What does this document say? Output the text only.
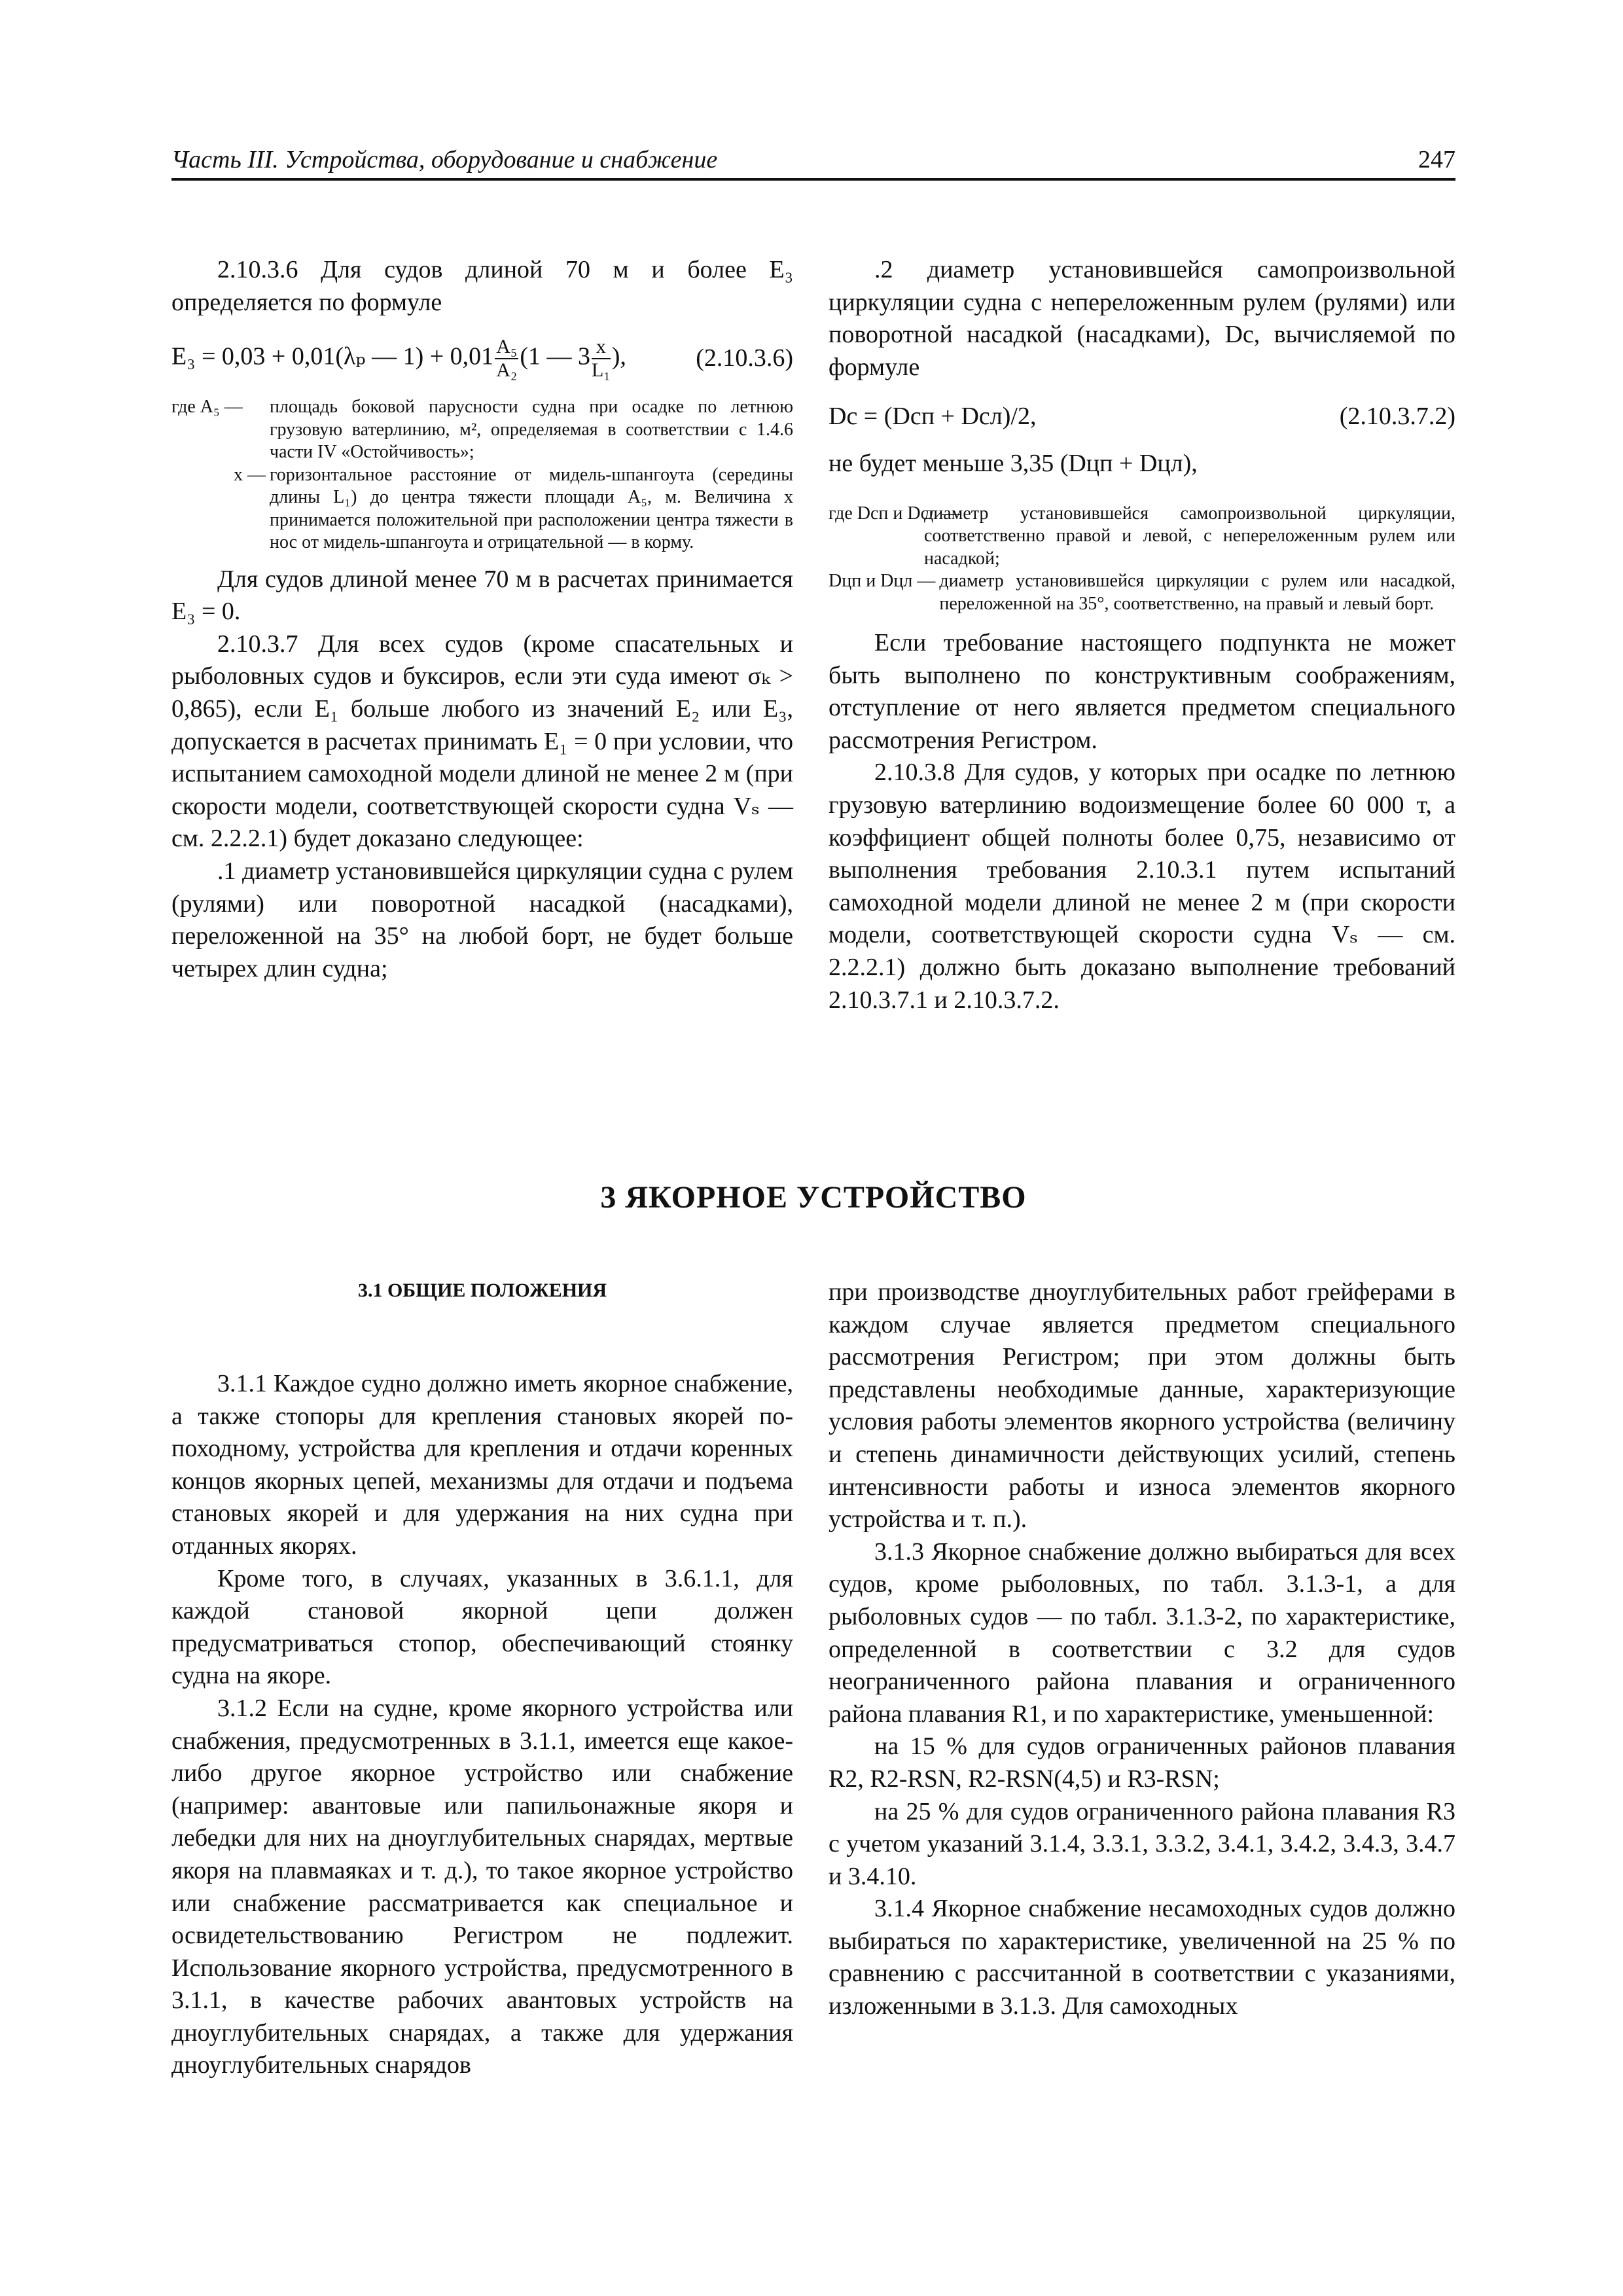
Часть III. Устройства, оборудование и снабжение	247

2.10.3.6 Для судов длиной 70 м и более E₃ определяется по формуле

E₃ = 0,03 + 0,01(λₚ — $1) + 0,01 \frac{\text{A₅}}{\text{A₂}} (1$ — $3 \frac{x}{\text{L₁}}$ ),	(2.10.3.6)
где A₅ —	площадь боковой парусности судна при осадке по летнюю грузовую ватерлинию, м², определяемая в соответствии с 1.4.6 части IV «Остойчивость»;
x — горизонтальное расстояние от мидель-шпангоута (середины длины L₁) до центра тяжести площади A₅, м. Величина x принимается положительной при расположении центра тяжести в нос от мидель-шпангоута и отрицательной — в корму.

Для судов длиной менее 70 м в расчетах принимается E₃ = 0.

2.10.3.7 Для всех судов (кроме спасательных и рыболовных судов и буксиров, если эти суда имеют σₖ > 0,865), если E₁ больше любого из значений E₂ или E₃, допускается в расчетах принимать E₁ = 0 при условии, что испытанием самоходной модели длиной не менее 2 м (при скорости модели, соответствующей скорости судна Vₛ — см. 2.2.2.1) будет доказано следующее:

.1 диаметр установившейся циркуляции судна с рулем (рулями) или поворотной насадкой (насадками), переложенной на 35° на любой борт, не будет больше четырех длин судна;

.2 диаметр установившейся самопроизвольной циркуляции судна с непереложенным рулем (рулями) или поворотной насадкой (насадками), Dc, вычисляемой по формуле

Dc = (Dсп + Dсл)/2,	(2.10.3.7.2)

не будет меньше 3,35 (Dцп + Dцл),

где Dсп и Dсл —
диаметр установившейся самопроизвольной циркуляции, соответственно правой и левой, с непереложенным рулем или насадкой;
Dцп и Dцл — диаметр установившейся циркуляции с рулем или насадкой, переложенной на 35°, соответственно, на правый и левый борт.

Если требование настоящего подпункта не может быть выполнено по конструктивным соображениям, отступление от него является предметом специального рассмотрения Регистром.

2.10.3.8 Для судов, у которых при осадке по летнюю грузовую ватерлинию водоизмещение более 60 000 т, а коэффициент общей полноты более 0,75, независимо от выполнения требования 2.10.3.1 путем испытаний самоходной модели длиной не менее 2 м (при скорости модели, соответствующей скорости судна Vₛ — см. 2.2.2.1) должно быть доказано выполнение требований 2.10.3.7.1 и 2.10.3.7.2.

3 ЯКОРНОЕ УСТРОЙСТВО
3.1 ОБЩИЕ ПОЛОЖЕНИЯ

3.1.1 Каждое судно должно иметь якорное снабжение, а также стопоры для крепления становых якорей по-походному, устройства для крепления и отдачи коренных концов якорных цепей, механизмы для отдачи и подъема становых якорей и для удержания на них судна при отданных якорях.

Кроме того, в случаях, указанных в 3.6.1.1, для каждой становой якорной цепи должен предусматриваться стопор, обеспечивающий стоянку судна на якоре.

3.1.2 Если на судне, кроме якорного устройства или снабжения, предусмотренных в 3.1.1, имеется еще какое-либо другое якорное устройство или снабжение (например: авантовые или папильонажные якоря и лебедки для них на дноуглубительных снарядах, мертвые якоря на плавмаяках и т. д.), то такое якорное устройство или снабжение рассматривается как специальное и освидетельствованию Регистром не подлежит. Использование якорного устройства, предусмотренного в 3.1.1, в качестве рабочих авантовых устройств на дноуглубительных снарядах, а также для удержания дноуглубительных снарядов

при производстве дноуглубительных работ грейферами в каждом случае является предметом специального рассмотрения Регистром; при этом должны быть представлены необходимые данные, характеризующие условия работы элементов якорного устройства (величину и степень динамичности действующих усилий, степень интенсивности работы и износа элементов якорного устройства и т. п.).

3.1.3 Якорное снабжение должно выбираться для всех судов, кроме рыболовных, по табл. 3.1.3-1, а для рыболовных судов — по табл. 3.1.3-2, по характеристике, определенной в соответствии с 3.2 для судов неограниченного района плавания и ограниченного района плавания R1, и по характеристике, уменьшенной:

на 15 % для судов ограниченных районов плавания R2, R2-RSN, R2-RSN(4,5) и R3-RSN;

на 25 % для судов ограниченного района плавания R3 с учетом указаний 3.1.4, 3.3.1, 3.3.2, 3.4.1, 3.4.2, 3.4.3, 3.4.7 и 3.4.10.

3.1.4 Якорное снабжение несамоходных судов должно выбираться по характеристике, увеличенной на 25 % по сравнению с рассчитанной в соответствии с указаниями, изложенными в 3.1.3. Для самоходных
